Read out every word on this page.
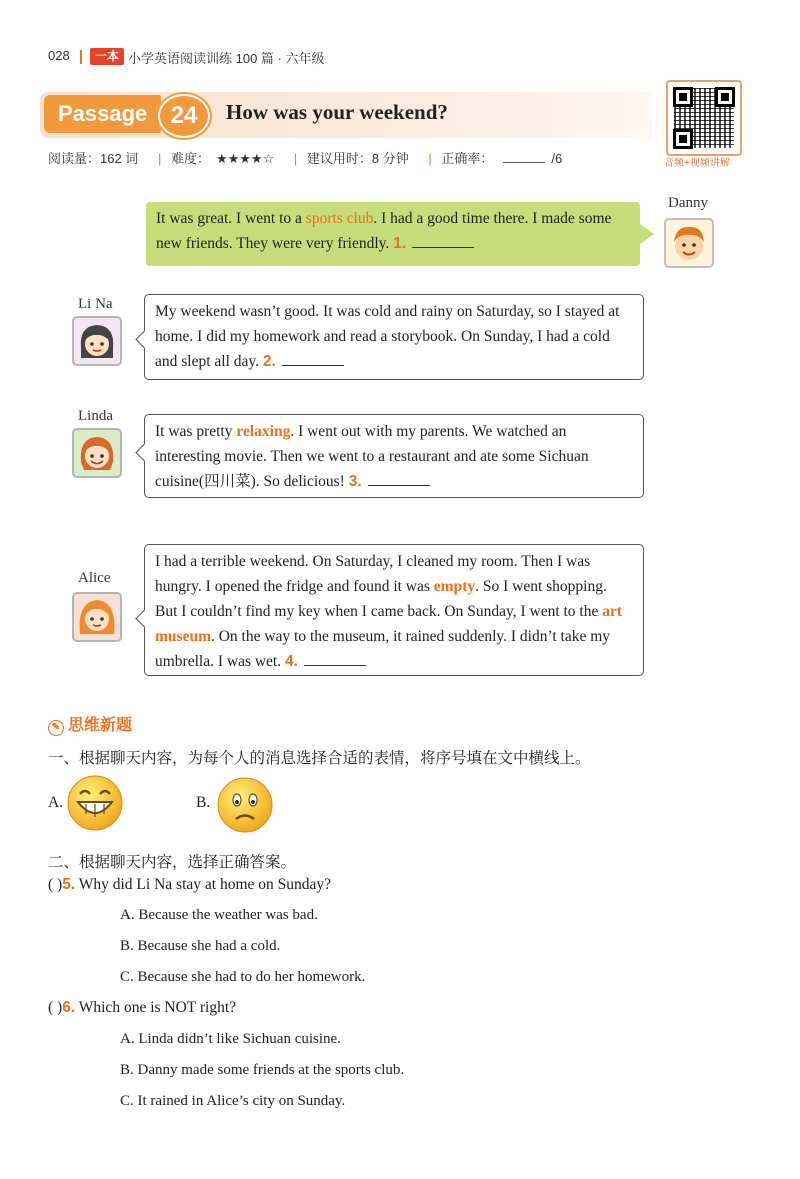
028	一本 小学英语阅读训练 100 篇 · 六年级
Passage 24	How was your weekend?
音频+视频讲解
阅读量：162 词 | 难度： ★★★★☆ | 建议用时：8 分钟 | 正确率：	/6
Danny
It was great. I went to a sports club. I had a good time there. I made some new friends. They were very friendly. 1.
Li Na	My weekend wasn’t good. It was cold and rainy on Saturday, so I stayed at home. I did my homework and read a storybook. On Sunday, I had a cold and slept all day. 2.
Linda
It was pretty relaxing. I went out with my parents. We watched an interesting movie. Then we went to a restaurant and ate some Sichuan cuisine(四川菜). So delicious! 3.
Alice
I had a terrible weekend. On Saturday, I cleaned my room. Then I was hungry. I opened the fridge and found it was empty. So I went shopping. But I couldn’t find my key when I came back. On Sunday, I went to the art museum. On the way to the museum, it rained suddenly. I didn’t take my umbrella. I was wet. 4.
✎ 思维新题
一、根据聊天内容，为每个人的消息选择合适的表情，将序号填在文中横线上。
A.	B.
二、根据聊天内容，选择正确答案。
( )5. Why did Li Na stay at home on Sunday?
A. Because the weather was bad.
B. Because she had a cold.
C. Because she had to do her homework.
( )6. Which one is NOT right?
A. Linda didn’t like Sichuan cuisine.
B. Danny made some friends at the sports club.
C. It rained in Alice’s city on Sunday.
